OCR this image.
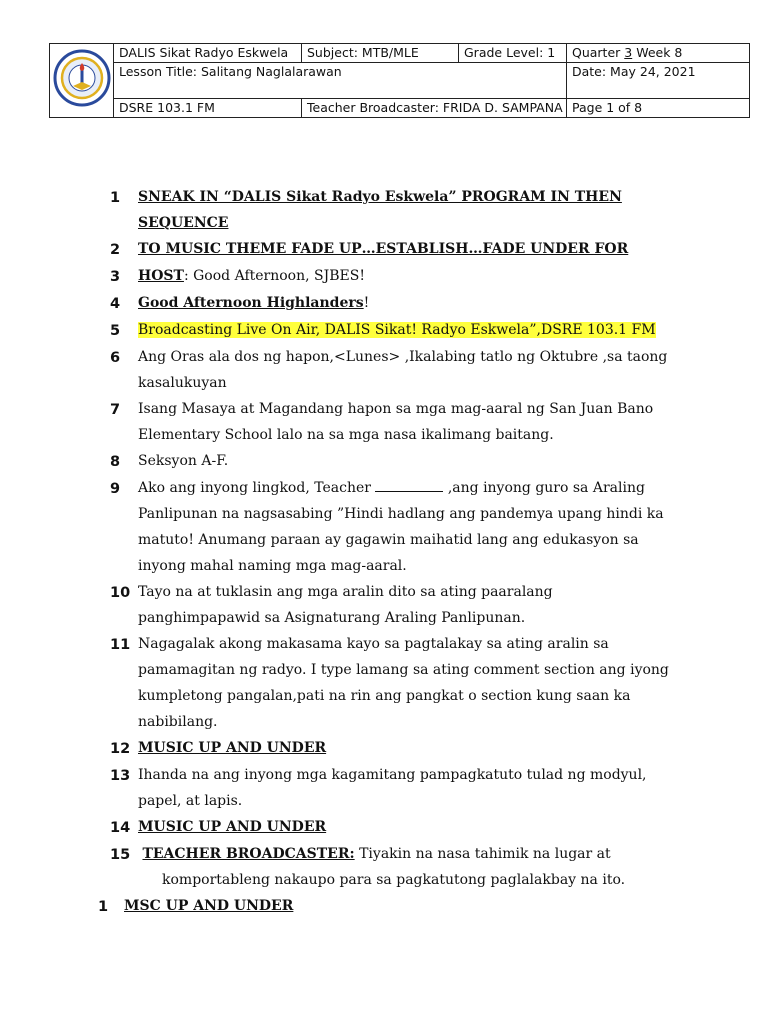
	DALIS Sikat Radyo Eskwela	Subject: MTB/MLE	Grade Level: 1	Quarter 3 Week 8
	Lesson Title: Salitang Naglalarawan			Date: May 24, 2021

	DSRE 103.1 FM	Teacher Broadcaster: FRIDA D. SAMPANA		Page 1 of 8
1	SNEAK IN “DALIS Sikat Radyo Eskwela” PROGRAM IN THEN SEQUENCE
2	TO MUSIC THEME FADE UP…ESTABLISH…FADE UNDER FOR
3	HOST: Good Afternoon, SJBES!
4	Good Afternoon Highlanders!
5	Broadcasting Live On Air, DALIS Sikat! Radyo Eskwela”,DSRE 103.1 FM
6	Ang Oras ala dos ng hapon,<Lunes> ,Ikalabing tatlo ng Oktubre ,sa taong kasalukuyan
7	Isang Masaya at Magandang hapon sa mga mag-aaral ng San Juan Bano Elementary School lalo na sa mga nasa ikalimang baitang.
8	Seksyon A-F.
9	Ako ang inyong lingkod, Teacher	,ang inyong guro sa Araling Panlipunan na nagsasabing ”Hindi hadlang ang pandemya upang hindi ka matuto! Anumang paraan ay gagawin maihatid lang ang edukasyon sa inyong mahal naming mga mag-aaral.
10 Tayo na at tuklasin ang mga aralin dito sa ating paaralang panghimpapawid sa Asignaturang Araling Panlipunan.
11 Nagagalak akong makasama kayo sa pagtalakay sa ating aralin sa pamamagitan ng radyo. I type lamang sa ating comment section ang iyong kumpletong pangalan,pati na rin ang pangkat o section kung saan ka nabibilang.
12 MUSIC UP AND UNDER
13 Ihanda na ang inyong mga kagamitang pampagkatuto tulad ng modyul, papel, at lapis.
14 MUSIC UP AND UNDER
15 TEACHER BROADCASTER: Tiyakin na nasa tahimik na lugar at
komportableng nakaupo para sa pagkatutong paglalakbay na ito.
1	MSC UP AND UNDER
